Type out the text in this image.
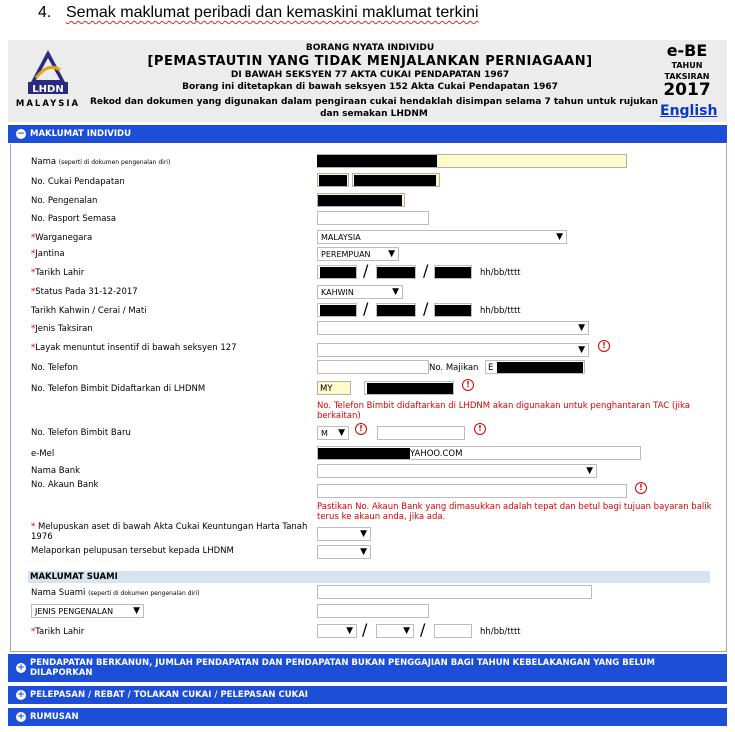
4. Semak maklumat peribadi dan kemaskini maklumat terkini
LHDN
MALAYSIA
BORANG NYATA INDIVIDU
[PEMASTAUTIN YANG TIDAK MENJALANKAN PERNIAGAAN]
DI BAWAH SEKSYEN 77 AKTA CUKAI PENDAPATAN 1967
Borang ini ditetapkan di bawah seksyen 152 Akta Cukai Pendapatan 1967
Rekod dan dokumen yang digunakan dalam pengiraan cukai hendaklah disimpan selama 7 tahun untuk rujukan dan semakan LHDNM
e-BE
TAHUN
TAKSIRAN
2017
English
− MAKLUMAT INDIVIDU
Nama (seperti di dokumen pengenalan diri)
No. Cukai Pendapatan
No. Pengenalan
No. Pasport Semasa
*Warganegara	MALAYSIA	▼
*Jantina	PEREMPUAN ▼
*Tarikh Lahir	/	/	hh/bb/tttt
*Status Pada 31-12-2017	KAHWIN	▼
Tarikh Kahwin / Cerai / Mati	/	/	hh/bb/tttt
*Jenis Taksiran	▼
*Layak menuntut insentif di bawah seksyen 127	▼	!
No. Telefon	No. Majikan E
No. Telefon Bimbit Didaftarkan di LHDNM	MY	!
No. Telefon Bimbit didaftarkan di LHDNM akan digunakan untuk penghantaran TAC (jika berkaitan)
No. Telefon Bimbit Baru	M ▼	!	!
e-Mel	YAHOO.COM
Nama Bank	▼
No. Akaun Bank	!
Pastikan No. Akaun Bank yang dimasukkan adalah tepat dan betul bagi tujuan bayaran balik terus ke akaun anda, jika ada.
* Melupuskan aset di bawah Akta Cukai Keuntungan Harta Tanah 1976	▼
Melaporkan pelupusan tersebut kepada LHDNM	▼
MAKLUMAT SUAMI
Nama Suami (seperti di dokumen pengenalan diri)
JENIS PENGENALAN ▼
*Tarikh Lahir	▼ /	▼ /	hh/bb/tttt
+ PENDAPATAN BERKANUN, JUMLAH PENDAPATAN DAN PENDAPATAN BUKAN PENGGAJIAN BAGI TAHUN KEBELAKANGAN YANG BELUM DILAPORKAN
+ PELEPASAN / REBAT / TOLAKAN CUKAI / PELEPASAN CUKAI
+ RUMUSAN
